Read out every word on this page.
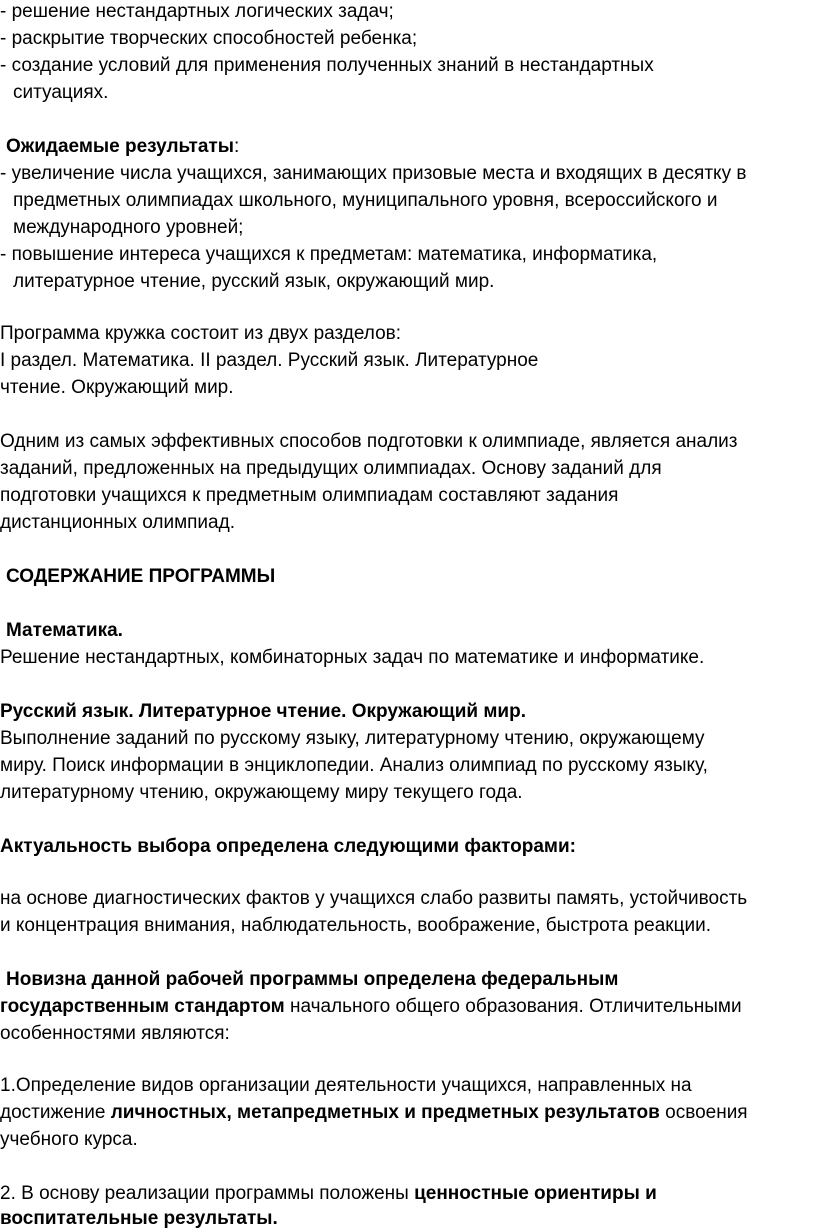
- решение нестандартных логических задач;
- раскрытие творческих способностей ребенка;
- создание условий для применения полученных знаний в нестандартных
ситуациях.
Ожидаемые результаты:
- увеличение числа учащихся, занимающих призовые места и входящих в десятку в
предметных олимпиадах школьного, муниципального уровня, всероссийского и
международного уровней;
- повышение интереса учащихся к предметам: математика, информатика,
литературное чтение, русский язык, окружающий мир.
Программа кружка состоит из двух разделов:
I раздел. Математика. II раздел. Русский язык. Литературное
чтение. Окружающий мир.
Одним из самых эффективных способов подготовки к олимпиаде, является анализ
заданий, предложенных на предыдущих олимпиадах. Основу заданий для
подготовки учащихся к предметным олимпиадам составляют задания
дистанционных олимпиад.
СОДЕРЖАНИЕ ПРОГРАММЫ
Математика.
Решение нестандартных, комбинаторных задач по математике и информатике.
Русский язык. Литературное чтение. Окружающий мир.
Выполнение заданий по русскому языку, литературному чтению, окружающему
миру. Поиск информации в энциклопедии. Анализ олимпиад по русскому языку,
литературному чтению, окружающему миру текущего года.
Актуальность выбора определена следующими факторами:
на основе диагностических фактов у учащихся слабо развиты память, устойчивость
и концентрация внимания, наблюдательность, воображение, быстрота реакции.
Новизна данной рабочей программы определена федеральным
государственным стандартом начального общего образования. Отличительными
особенностями являются:
1.Определение видов организации деятельности учащихся, направленных на
достижение личностных, метапредметных и предметных результатов освоения
учебного курса.
2. В основу реализации программы положены ценностные ориентиры и
воспитательные результаты.
